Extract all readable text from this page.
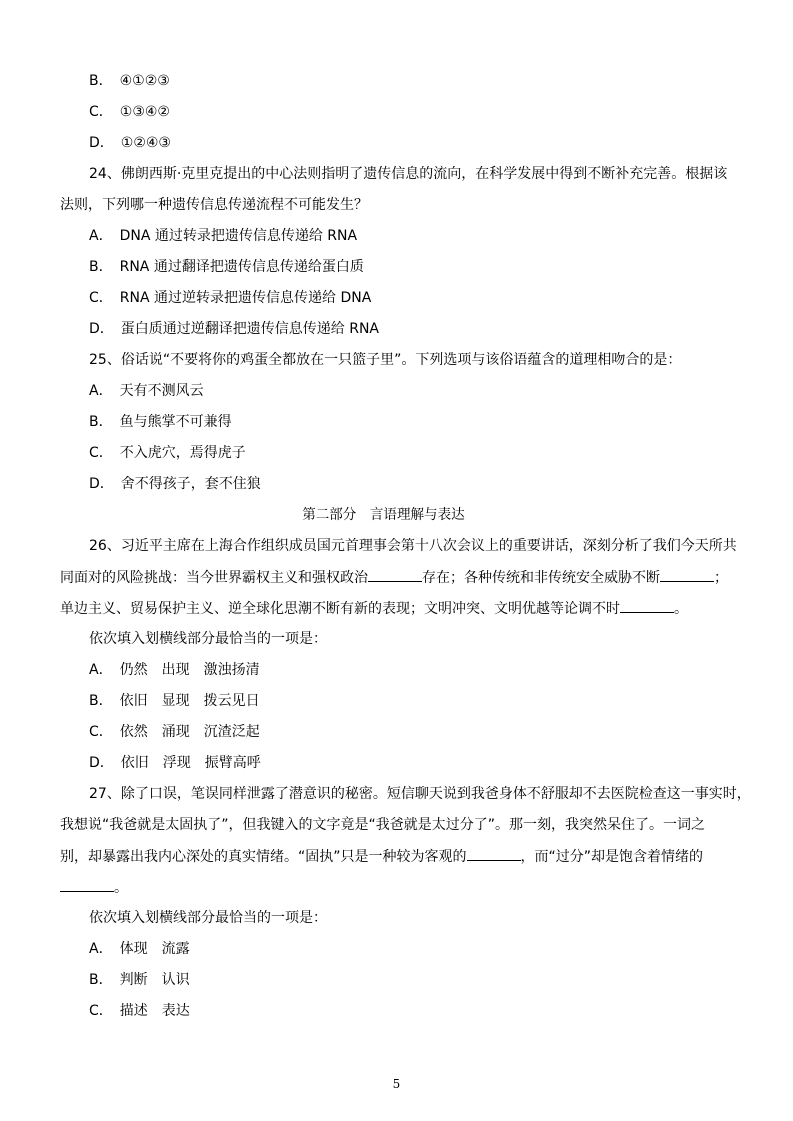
B．　 ④①②③
C．　 ①③④②
D．　 ①②④③
24、佛朗西斯·克里克提出的中心法则指明了遗传信息的流向，在科学发展中得到不断补充完善。根据该
法则，下列哪一种遗传信息传递流程不可能发生？
A．　 DNA 通过转录把遗传信息传递给 RNA
B．　 RNA 通过翻译把遗传信息传递给蛋白质
C．　 RNA 通过逆转录把遗传信息传递给 DNA
D．　 蛋白质通过逆翻译把遗传信息传递给 RNA
25、俗话说“不要将你的鸡蛋全都放在一只篮子里”。下列选项与该俗语蕴含的道理相吻合的是：
A．　 天有不测风云
B．　 鱼与熊掌不可兼得
C．　 不入虎穴，焉得虎子
D．　 舍不得孩子，套不住狼
第二部分　言语理解与表达
26、习近平主席在上海合作组织成员国元首理事会第十八次会议上的重要讲话，深刻分析了我们今天所共
同面对的风险挑战：当今世界霸权主义和强权政治	存在；各种传统和非传统安全威胁不断	；
单边主义、贸易保护主义、逆全球化思潮不断有新的表现；文明冲突、文明优越等论调不时	。
依次填入划横线部分最恰当的一项是：
A．　 仍然　出现　激浊扬清
B．　 依旧　显现　拨云见日
C．　 依然　涌现　沉渣泛起
D．　 依旧　浮现　振臂高呼
27、除了口误，笔误同样泄露了潜意识的秘密。短信聊天说到我爸身体不舒服却不去医院检查这一事实时，
我想说“我爸就是太固执了”，但我键入的文字竟是“我爸就是太过分了”。那一刻，我突然呆住了。一词之
别，却暴露出我内心深处的真实情绪。“固执”只是一种较为客观的	，而“过分”却是饱含着情绪的
。
依次填入划横线部分最恰当的一项是：
A．　 体现　流露
B．　 判断　认识
C．　 描述　表达
5
